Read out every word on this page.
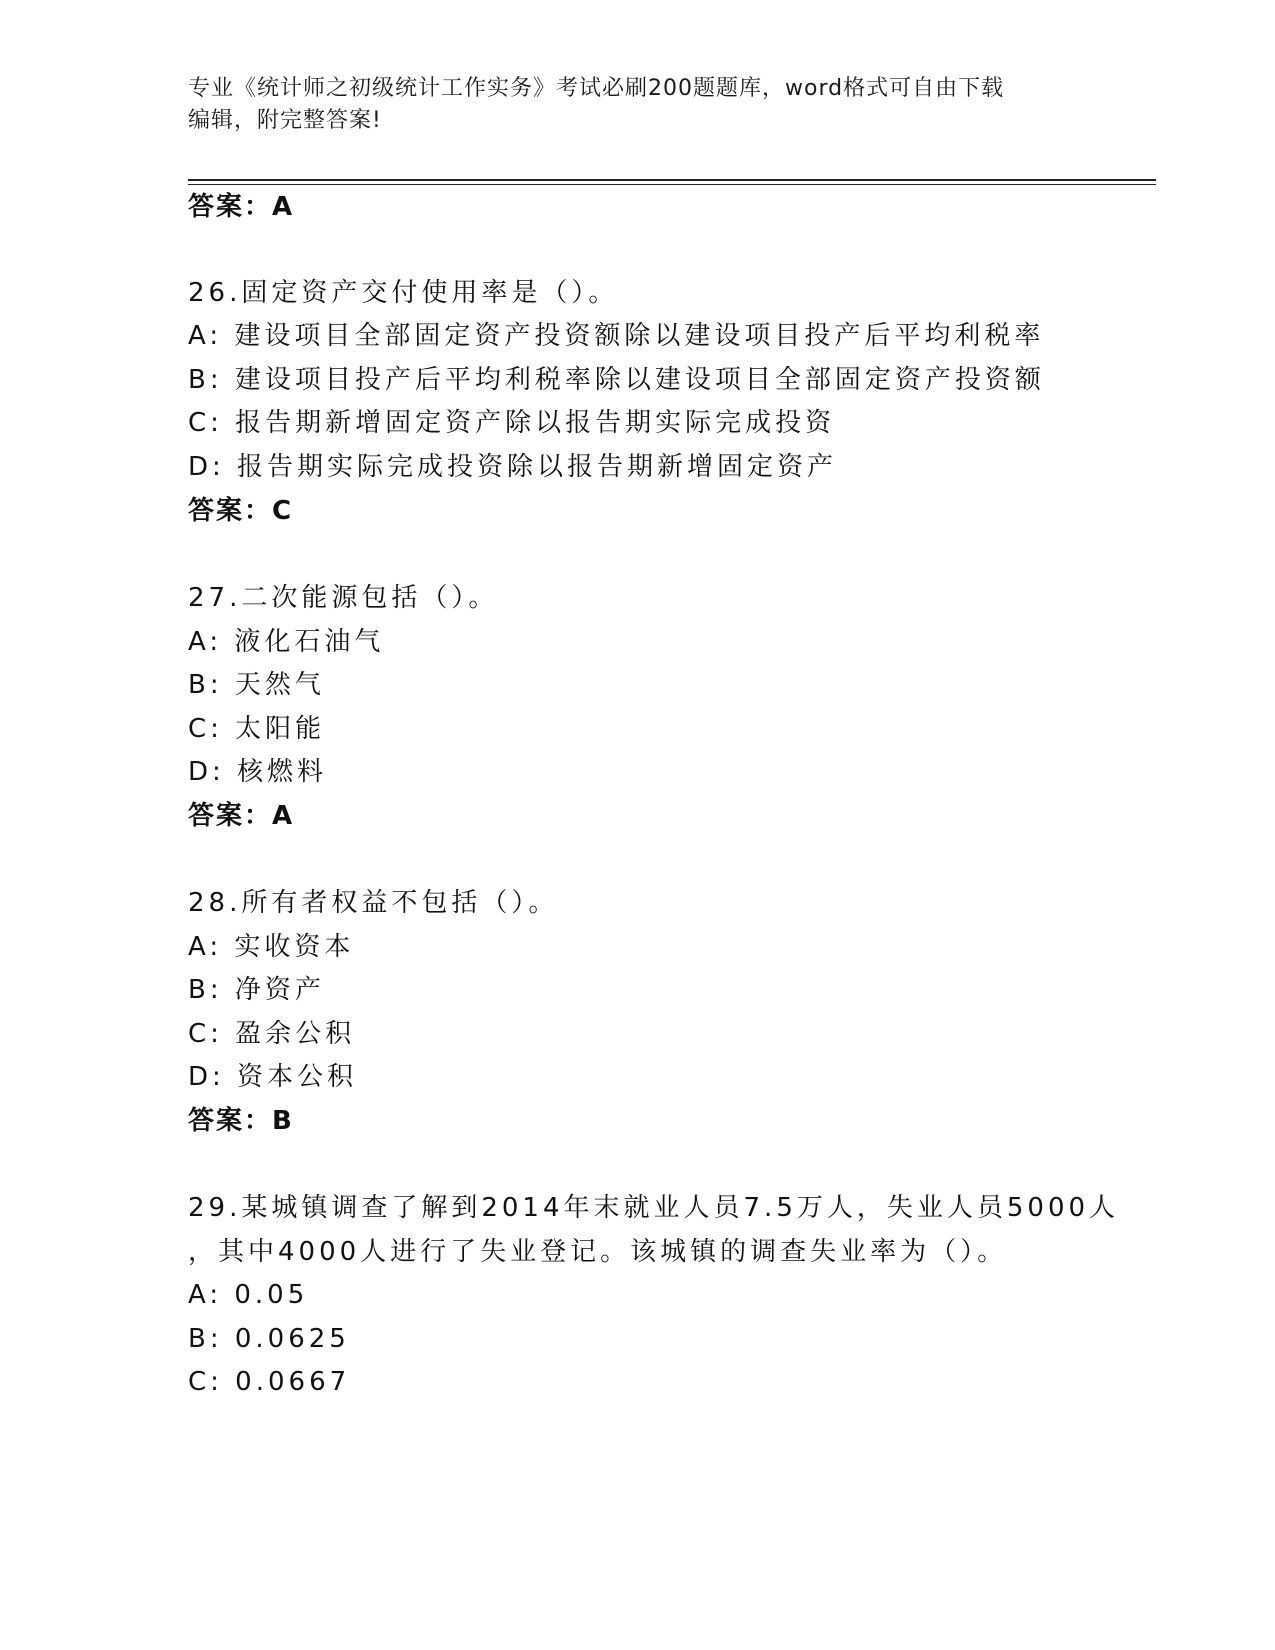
专业《统计师之初级统计工作实务》考试必刷200题题库，word格式可自由下载
编辑，附完整答案!
答案：A
26.固定资产交付使用率是（）。
A: 建设项目全部固定资产投资额除以建设项目投产后平均利税率
B: 建设项目投产后平均利税率除以建设项目全部固定资产投资额
C: 报告期新增固定资产除以报告期实际完成投资
D: 报告期实际完成投资除以报告期新增固定资产
答案：C
27.二次能源包括（）。
A: 液化石油气
B: 天然气
C: 太阳能
D: 核燃料
答案：A
28.所有者权益不包括（）。
A: 实收资本
B: 净资产
C: 盈余公积
D: 资本公积
答案：B
29.某城镇调查了解到2014年末就业人员7.5万人，失业人员5000人
，其中4000人进行了失业登记。该城镇的调查失业率为（）。
A: 0.05
B: 0.0625
C: 0.0667
